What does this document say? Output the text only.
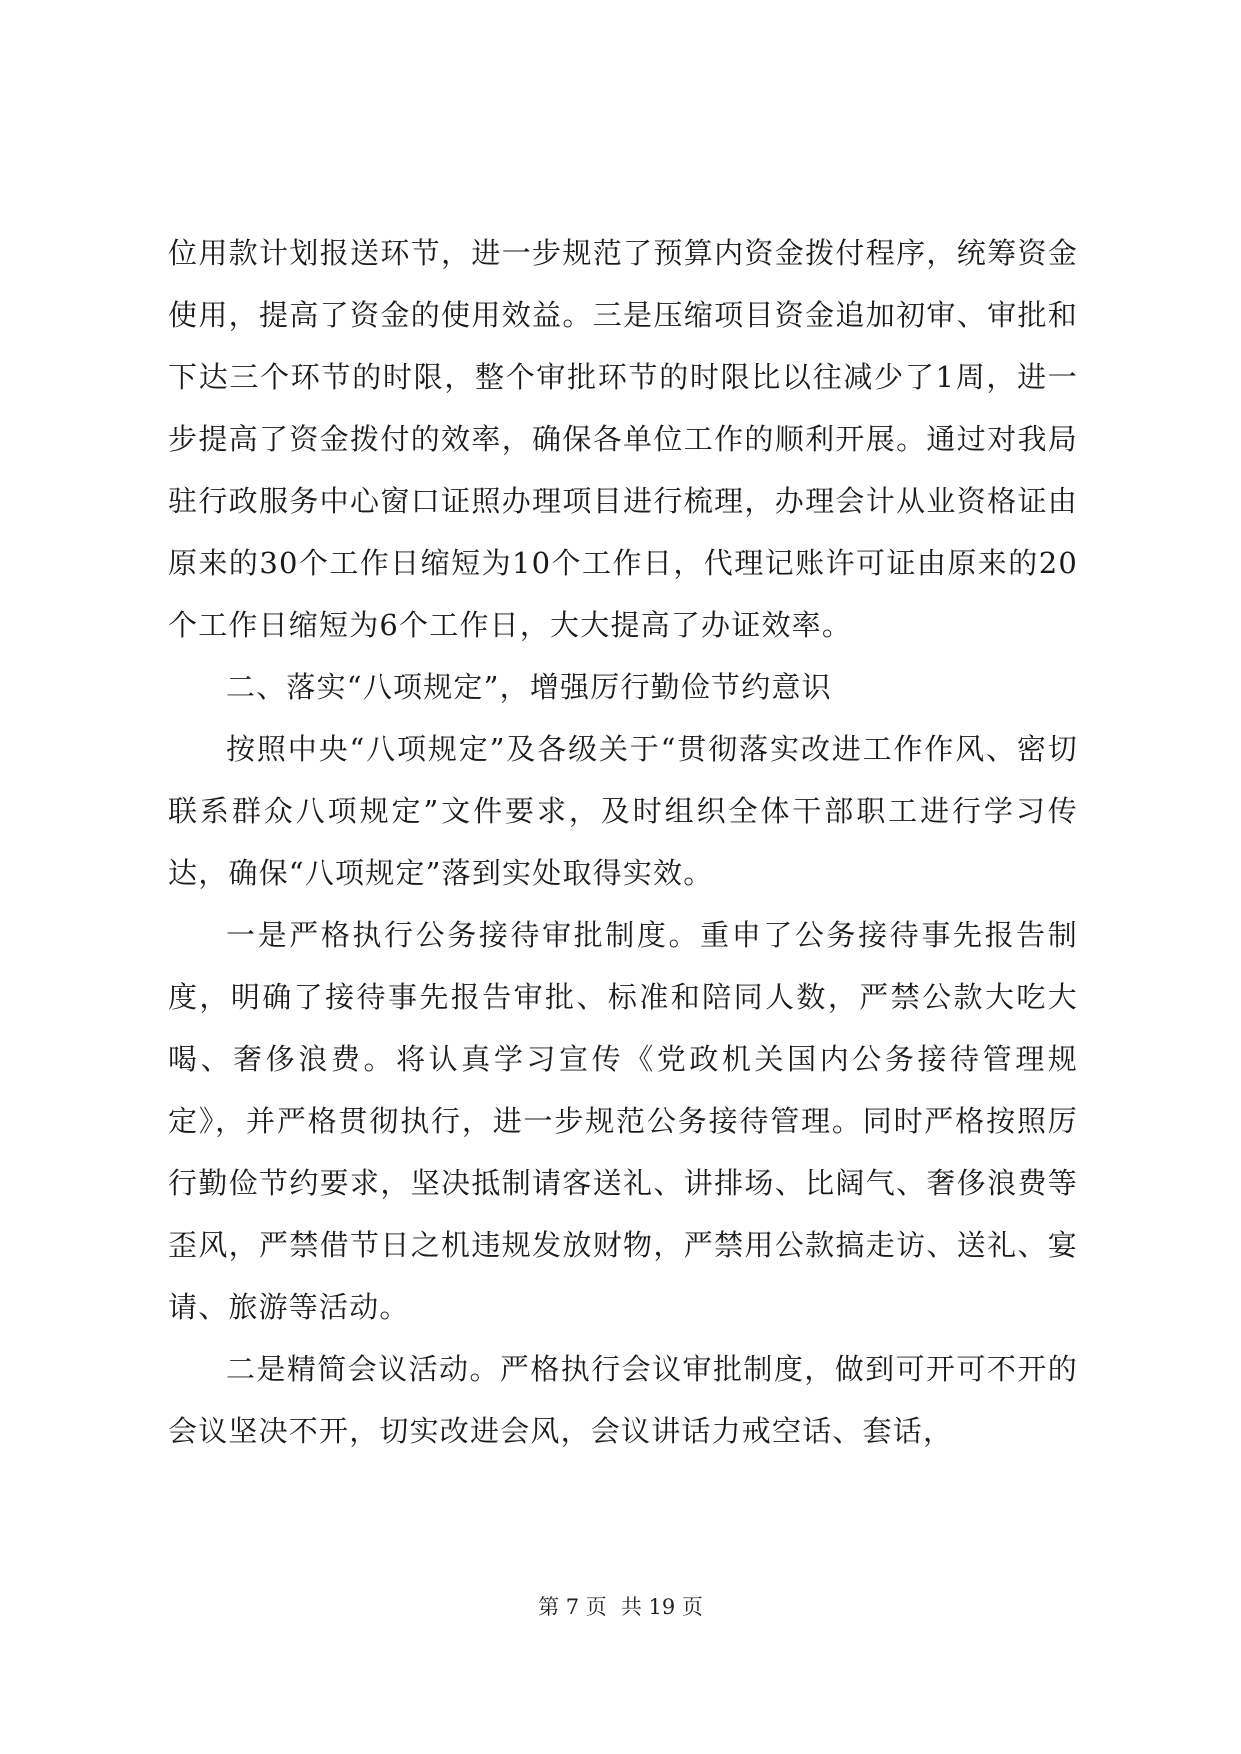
位用款计划报送环节，进一步规范了预算内资金拨付程序，统筹资金使用，提高了资金的使用效益。三是压缩项目资金追加初审、审批和下达三个环节的时限，整个审批环节的时限比以往减少了1周，进一步提高了资金拨付的效率，确保各单位工作的顺利开展。通过对我局驻行政服务中心窗口证照办理项目进行梳理，办理会计从业资格证由原来的30个工作日缩短为10个工作日，代理记账许可证由原来的20个工作日缩短为6个工作日，大大提高了办证效率。

二、落实“八项规定”，增强厉行勤俭节约意识

按照中央“八项规定”及各级关于“贯彻落实改进工作作风、密切联系群众八项规定”文件要求，及时组织全体干部职工进行学习传达，确保“八项规定”落到实处取得实效。

一是严格执行公务接待审批制度。重申了公务接待事先报告制度，明确了接待事先报告审批、标准和陪同人数，严禁公款大吃大喝、奢侈浪费。将认真学习宣传《党政机关国内公务接待管理规定》，并严格贯彻执行，进一步规范公务接待管理。同时严格按照厉行勤俭节约要求，坚决抵制请客送礼、讲排场、比阔气、奢侈浪费等歪风，严禁借节日之机违规发放财物，严禁用公款搞走访、送礼、宴请、旅游等活动。

二是精简会议活动。严格执行会议审批制度，做到可开可不开的会议坚决不开，切实改进会风，会议讲话力戒空话、套话，

第 7 页 共 19 页
